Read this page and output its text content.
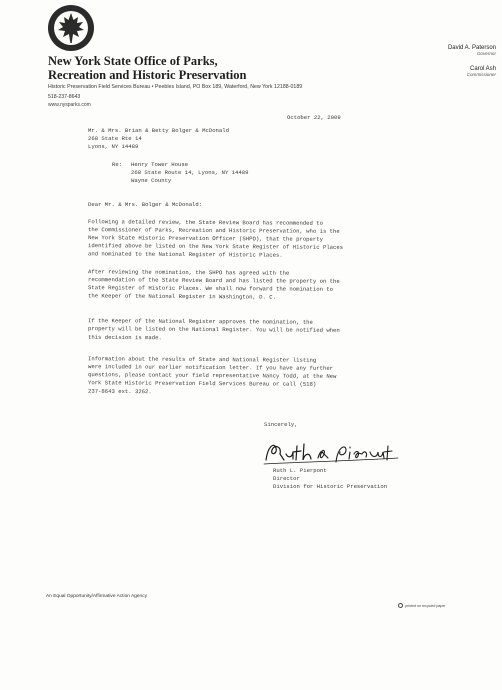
New York State Office of Parks,
Recreation and Historic Preservation
Historic Preservation Field Services Bureau • Peebles Island, PO Box 189, Waterford, New York 12188-0189
518-237-8643
www.nysparks.com
David A. Paterson
Governor
Carol Ash
Commissioner
October 22, 2009
Mr. & Mrs. Brian & Betty Bolger & McDonald
268 State Rte 14
Lyons, NY 14489
Re: Henry Tower House
268 State Route 14, Lyons, NY 14489
Wayne County
Dear Mr. & Mrs. Bolger & McDonald:
Following a detailed review, the State Review Board has recommended to
the Commissioner of Parks, Recreation and Historic Preservation, who is the
New York State Historic Preservation Officer (SHPO), that the property
identified above be listed on the New York State Register of Historic Places
and nominated to the National Register of Historic Places.
After reviewing the nomination, the SHPO has agreed with the
recommendation of the State Review Board and has listed the property on the
State Register of Historic Places. We shall now forward the nomination to
the Keeper of the National Register in Washington, D. C.
If the Keeper of the National Register approves the nomination, the
property will be listed on the National Register. You will be notified when
this decision is made.
Information about the results of State and National Register listing
were included in our earlier notification letter. If you have any further
questions, please contact your field representative Nancy Todd, at the New
York State Historic Preservation Field Services Bureau or call (518)
237-8643 ext. 3262.
Sincerely,
Ruth L. Pierpont
Director
Division for Historic Preservation
An Equal Opportunity/Affirmative Action Agency
printed on recycled paper
